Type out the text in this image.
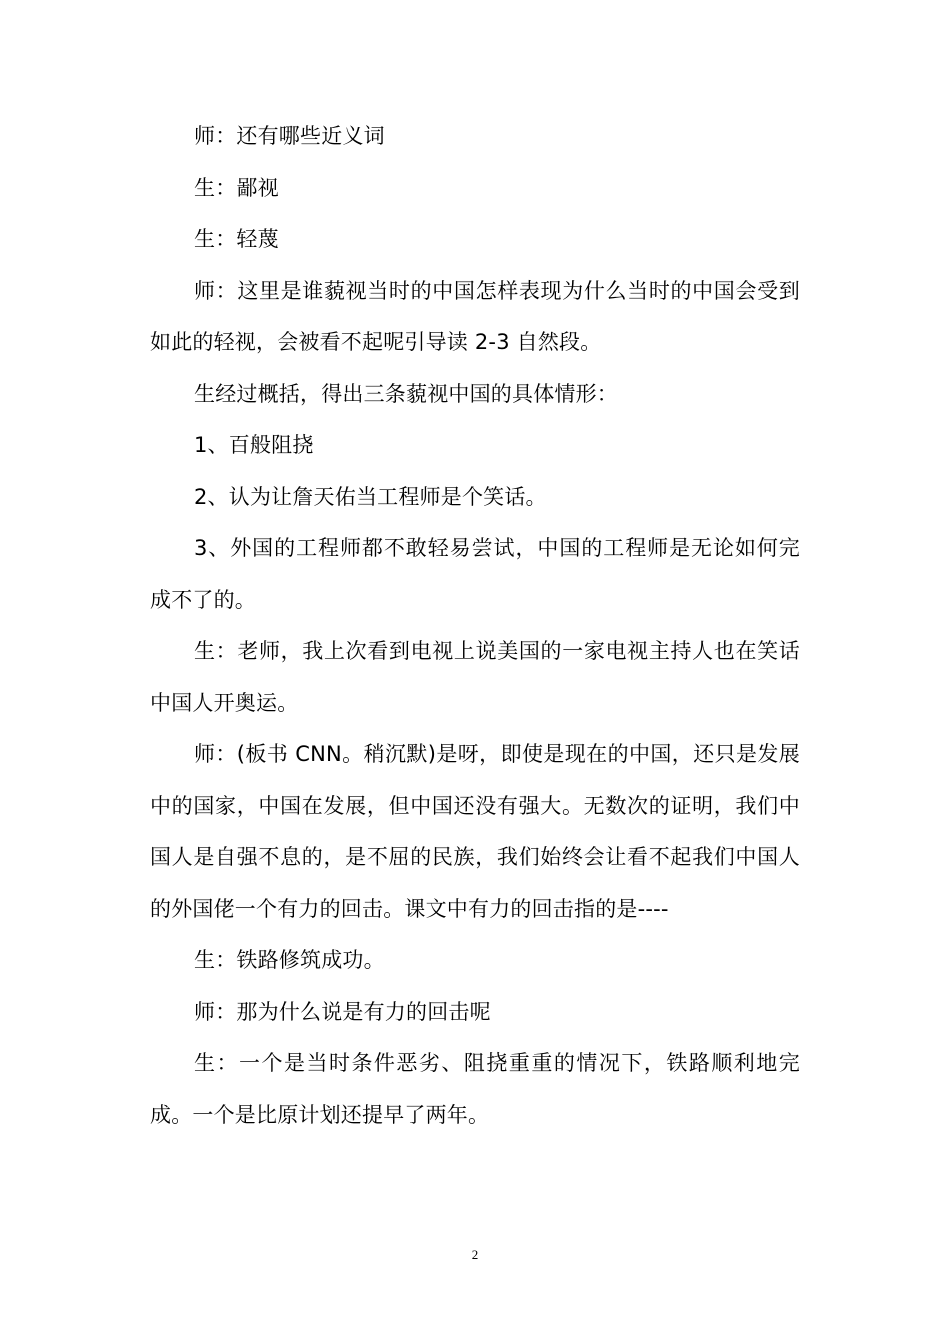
师：还有哪些近义词

生：鄙视

生：轻蔑

师：这里是谁藐视当时的中国怎样表现为什么当时的中国会受到如此的轻视，会被看不起呢引导读 2-3 自然段。

生经过概括，得出三条藐视中国的具体情形：

1、百般阻挠

2、认为让詹天佑当工程师是个笑话。

3、外国的工程师都不敢轻易尝试，中国的工程师是无论如何完成不了的。

生：老师，我上次看到电视上说美国的一家电视主持人也在笑话中国人开奥运。

师：(板书 CNN。稍沉默)是呀，即使是现在的中国，还只是发展中的国家，中国在发展，但中国还没有强大。无数次的证明，我们中国人是自强不息的，是不屈的民族，我们始终会让看不起我们中国人的外国佬一个有力的回击。课文中有力的回击指的是----

生：铁路修筑成功。

师：那为什么说是有力的回击呢

生：一个是当时条件恶劣、阻挠重重的情况下，铁路顺利地完成。一个是比原计划还提早了两年。

2
